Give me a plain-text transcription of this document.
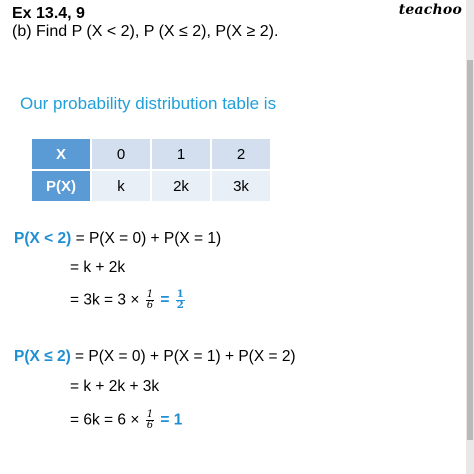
teachoo
Ex 13.4, 9
(b) Find P (X < 2), P (X ≤ 2), P(X ≥ 2).
Our probability distribution table is
X	0	1	2
P(X)	k	2k	3k
P(X < 2) = P(X = 0) + P(X = 1)
= k + 2k
= $3k = 3 \times \frac{1}{6} = \frac{1}{2}$
P(X ≤ 2) = P(X = 0) + P(X = 1) + P(X = 2)
= k + 2k + 3k
= $6k = 6 \times \frac{1}{6} = 1$
